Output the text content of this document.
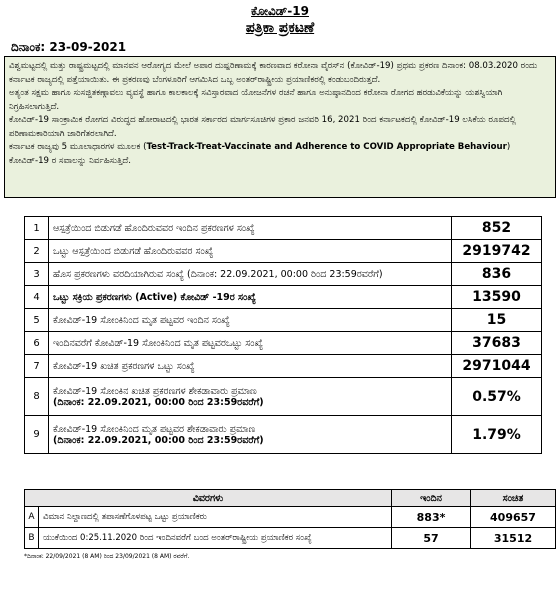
ಕೋವಿಡ್-19
ಪತ್ರಿಕಾ ಪ್ರಕಟಣೆ
ದಿನಾಂಕ: 23-09-2021

ವಿಶ್ವಮಟ್ಟದಲ್ಲಿ ಮತ್ತು ರಾಷ್ಟ್ರಮಟ್ಟದಲ್ಲಿ ಮಾನವನ ಆರೋಗ್ಯದ ಮೇಲೆ ಅಪಾರ ದುಷ್ಪರಿಣಾಮಕ್ಕೆ ಕಾರಣವಾದ ಕರೋನಾ ವೈರಸ್‌ನ (ಕೋವಿಡ್-19) ಪ್ರಥಮ ಪ್ರಕರಣ ದಿನಾಂಕ: 08.03.2020 ರಂದು ಕರ್ನಾಟಕ ರಾಜ್ಯದಲ್ಲಿ ಪತ್ತೆಯಾಯಿತು. ಈ ಪ್ರಕರಣವು ಬೆಂಗಳೂರಿಗೆ ಆಗಮಿಸಿದ ಒಬ್ಬ ಅಂತರ್‌ರಾಷ್ಟ್ರೀಯ ಪ್ರಯಾಣಿಕರಲ್ಲಿ ಕಂಡುಬಂದಿರುತ್ತದೆ.

ಅತ್ಯಂತ ಸಕ್ಷಮ ಹಾಗೂ ಸುಸಜ್ಜಿತಕಣ್ಗಾವಲು ವ್ಯವಸ್ಥೆ ಹಾಗೂ ಕಾಲಕಾಲಕ್ಕೆ ಸವಿಸ್ತಾರವಾದ ಯೋಜನೆಗಳ ರಚನೆ ಹಾಗೂ ಅನುಷ್ಠಾನದಿಂದ ಕರೋನಾ ರೋಗದ ಹರಡುವಿಕೆಯನ್ನು ಯಶಸ್ವಿಯಾಗಿ ನಿಗ್ರಹಿಸಲಾಗುತ್ತಿದೆ.

ಕೋವಿಡ್-19 ಸಾಂಕ್ರಾಮಿಕ ರೋಗದ ವಿರುದ್ಧದ ಹೋರಾಟದಲ್ಲಿ ಭಾರತ ಸರ್ಕಾರದ ಮಾರ್ಗಸೂಚಿಗಳ ಪ್ರಕಾರ ಜನವರಿ 16, 2021 ರಿಂದ ಕರ್ನಾಟಕದಲ್ಲಿ ಕೋವಿಡ್-19 ಲಸಿಕೆಯ ರೂಪದಲ್ಲಿ ಪರಿಣಾಮಕಾರಿಯಾಗಿ ಜಾರಿಗೆತರಲಾಗಿದೆ.

ಕರ್ನಾಟಕ ರಾಜ್ಯವು 5 ಮೂಲಾಧಾರಗಳ ಮೂಲಕ (Test-Track-Treat-Vaccinate and Adherence to COVID Appropriate Behaviour) ಕೋವಿಡ್-19 ರ ಸವಾಲನ್ನು ನಿರ್ವಹಿಸುತ್ತಿದೆ.

1	ಆಸ್ಪತ್ರೆಯಿಂದ ಬಿಡುಗಡೆ ಹೊಂದಿರುವವರ ಇಂದಿನ ಪ್ರಕರಣಗಳ ಸಂಖ್ಯೆ	852
2	ಒಟ್ಟು ಆಸ್ಪತ್ರೆಯಿಂದ ಬಿಡುಗಡೆ ಹೊಂದಿರುವವರ ಸಂಖ್ಯೆ	2919742
3	ಹೊಸ ಪ್ರಕರಣಗಳು ವರದಿಯಾಗಿರುವ ಸಂಖ್ಯೆ (ದಿನಾಂಕ: 22.09.2021, 00:00 ರಿಂದ 23:59ರವರೆಗೆ)	836
4	ಒಟ್ಟು ಸಕ್ರಿಯ ಪ್ರಕರಣಗಳು (Active) ಕೋವಿಡ್ -19ರ ಸಂಖ್ಯೆ	13590
5	ಕೋವಿಡ್-19 ಸೋಂಕಿನಿಂದ ಮೃತ ಪಟ್ಟವರ ಇಂದಿನ ಸಂಖ್ಯೆ	15
6	ಇಂದಿನವರೆಗೆ ಕೋವಿಡ್-19 ಸೋಂಕಿನಿಂದ ಮೃತ ಪಟ್ಟವರಒಟ್ಟು ಸಂಖ್ಯೆ	37683
7	ಕೋವಿಡ್-19 ಖಚಿತ ಪ್ರಕರಣಗಳ ಒಟ್ಟು ಸಂಖ್ಯೆ	2971044
8	ಕೋವಿಡ್-19 ಸೋಂಕಿನ ಖಚಿತ ಪ್ರಕರಣಗಳ ಶೇಕಡಾವಾರು ಪ್ರಮಾಣ
(ದಿನಾಂಕ: 22.09.2021, 00:00 ರಿಂದ 23:59ರವರೆಗೆ)	0.57%
9	ಕೋವಿಡ್-19 ಸೋಂಕಿನಿಂದ ಮೃತ ಪಟ್ಟವರ ಶೇಕಡಾವಾರು ಪ್ರಮಾಣ
(ದಿನಾಂಕ: 22.09.2021, 00:00 ರಿಂದ 23:59ರವರೆಗೆ)	1.79%
ವಿವರಗಳು		ಇಂದಿನ	ಸಂಚಿತ
A	ವಿಮಾನ ನಿಲ್ದಾಣದಲ್ಲಿ ತಪಾಸಣೆಗೊಳಪಟ್ಟ ಒಟ್ಟು ಪ್ರಯಾಣಿಕರು	883*	409657
B	ಯುಕೆಯಿಂದ 0:25.11.2020 ರಿಂದ ಇಂದಿನವರೆಗೆ ಬಂದ ಅಂತರ್‌ರಾಷ್ಟ್ರೀಯ ಪ್ರಯಾಣಿಕರ ಸಂಖ್ಯೆ	57	31512
*ದಿನಾಂಕ: 22/09/2021 (8 AM) ರಿಂದ 23/09/2021 (8 AM) ರವರೆಗೆ.
